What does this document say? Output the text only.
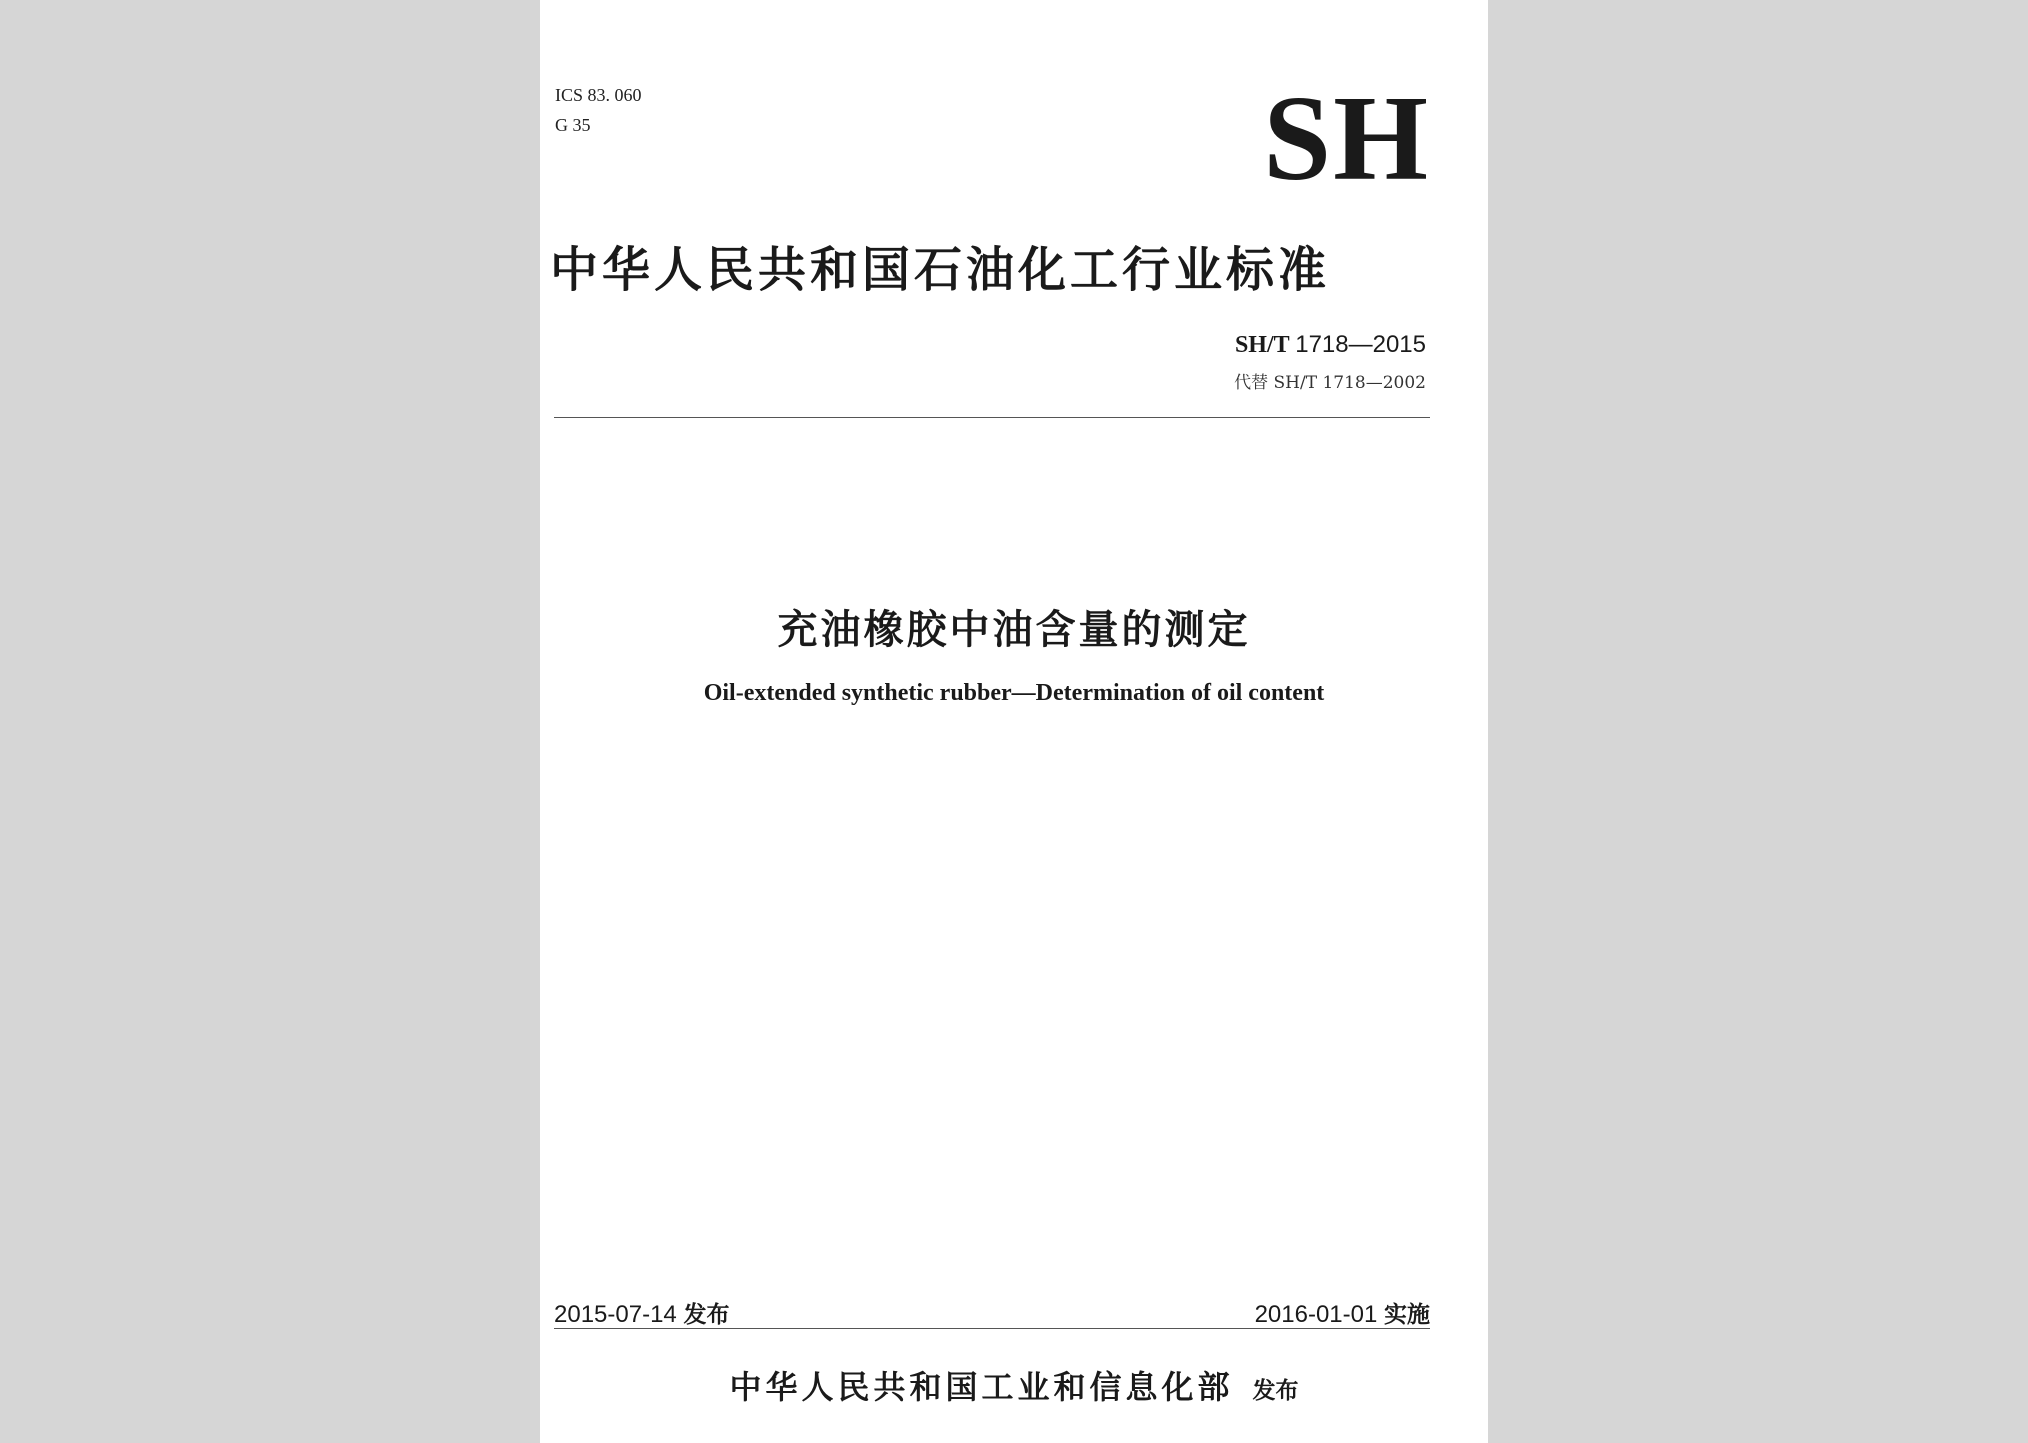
ICS 83. 060
G 35	SH
中华人民共和国石油化工行业标准
SH/T 1718—2015
代替 SH/T 1718—2002
充油橡胶中油含量的测定
Oil-extended synthetic rubber—Determination of oil content
2015-07-14 发布	2016-01-01 实施
中华人民共和国工业和信息化部 发布
